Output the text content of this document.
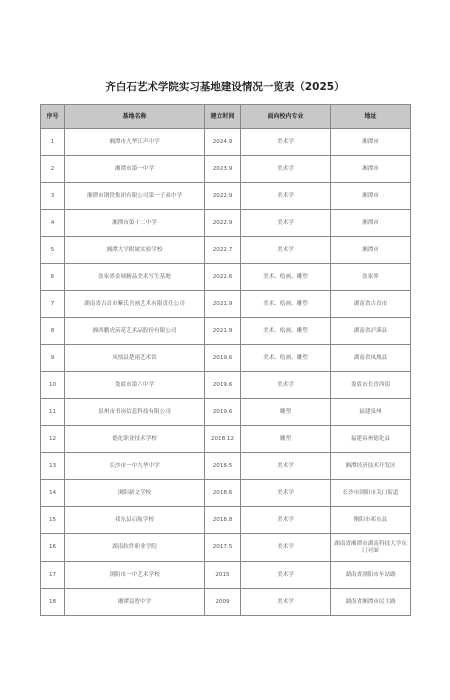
齐白石艺术学院实习基地建设情况一览表（2025）
序号	基地名称	建立时间	面向校内专业	地址
1	湘潭市九华江声中学	2024.9	美术学	湘潭市
2	湘潭市第一中学	2023.9	美术学	湘潭市
3	湘潭市钢铁集团有限公司第一子弟中学	2022.9	美术学	湘潭市
4	湘潭市第十二中学	2022.9	美术学	湘潭市
5	湘潭大学附属实验学校	2022.7	美术学	湘潭市
6	张家界金域精品美术写生基地	2022.6	美术、绘画、雕塑	张家界
7	湖南省吉首市紫氏吾画艺术有限责任公司	2021.9	美术、绘画、雕塑	湖南省吉首市
8	湘西鹏虎苗花艺术品股份有限公司	2021.9	美术、绘画、雕塑	湖南省泸溪县
9	凤凰县楚雨艺术馆	2019.6	美术、绘画、雕塑	湖南省凤凰县
10	娄底市第六中学	2019.6	美术学	娄底市长青西街
11	泉州市书岗信息科技有限公司	2019.6	雕塑	福建泉州
12	德化职业技术学校	2018.12	雕塑	福建泉州德化县
13	长沙市一中九华中学	2018.5	美术学	湘潭经济技术开发区
14	浏阳新文学校	2018.6	美术学	长沙市浏阳市关口街道
15	祁东县启航学校	2018.8	美术学	衡阳市祁东县
16	湖南软件职业学院	2017.5	美术学	湖南省湘潭市湖南科技大学东门对面
17	浏阳市一中艺术学校	2015	美术学	湖南省浏阳市车站路
18	湘潭益智中学	2009	美术学	湖南省湘潭市民主路
